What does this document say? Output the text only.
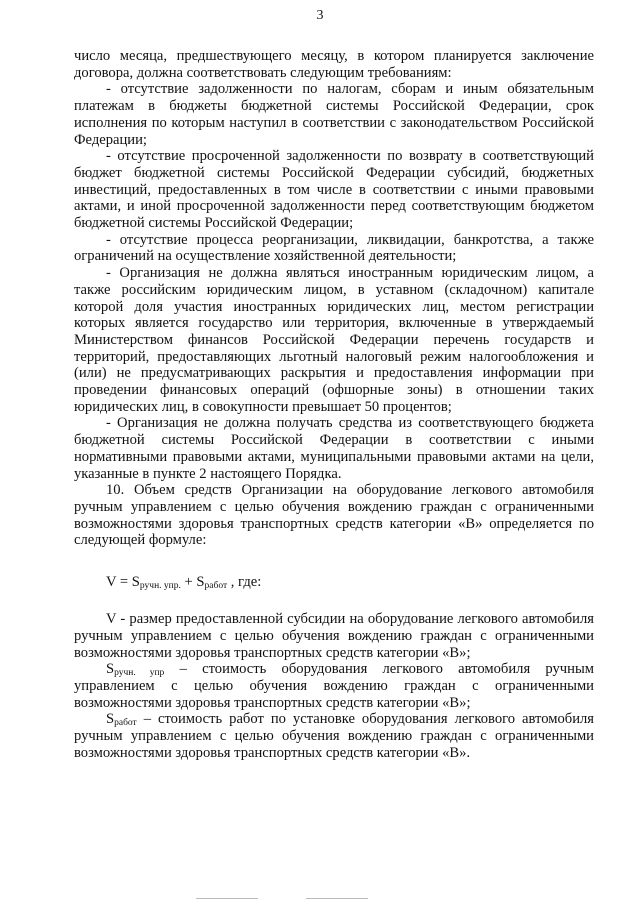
3

число месяца, предшествующего месяцу, в котором планируется заключение договора, должна соответствовать следующим требованиям:

- отсутствие задолженности по налогам, сборам и иным обязательным платежам в бюджеты бюджетной системы Российской Федерации, срок исполнения по которым наступил в соответствии с законодательством Российской Федерации;

- отсутствие просроченной задолженности по возврату в соответствующий бюджет бюджетной системы Российской Федерации субсидий, бюджетных инвестиций, предоставленных в том числе в соответствии с иными правовыми актами, и иной просроченной задолженности перед соответствующим бюджетом бюджетной системы Российской Федерации;

- отсутствие процесса реорганизации, ликвидации, банкротства, а также ограничений на осуществление хозяйственной деятельности;

- Организация не должна являться иностранным юридическим лицом, а также российским юридическим лицом, в уставном (складочном) капитале которой доля участия иностранных юридических лиц, местом регистрации которых является государство или территория, включенные в утверждаемый Министерством финансов Российской Федерации перечень государств и территорий, предоставляющих льготный налоговый режим налогообложения и (или) не предусматривающих раскрытия и предоставления информации при проведении финансовых операций (офшорные зоны) в отношении таких юридических лиц, в совокупности превышает 50 процентов;

- Организация не должна получать средства из соответствующего бюджета бюджетной системы Российской Федерации в соответствии с иными нормативными правовыми актами, муниципальными правовыми актами на цели, указанные в пункте 2 настоящего Порядка.

10. Объем средств Организации на оборудование легкового автомобиля ручным управлением с целью обучения вождению граждан с ограниченными возможностями здоровья транспортных средств категории «В» определяется по следующей формуле:

$V = S_{ручн. упр.} + S_{работ}$ , где:

V - размер предоставленной субсидии на оборудование легкового автомобиля ручным управлением с целью обучения вождению граждан с ограниченными возможностями здоровья транспортных средств категории «В»;

$S_{ручн. упр}$ – стоимость оборудования легкового автомобиля ручным управлением с целью обучения вождению граждан с ограниченными возможностями здоровья транспортных средств категории «В»;

$S_{работ}$ – стоимость работ по установке оборудования легкового автомобиля ручным управлением с целью обучения вождению граждан с ограниченными возможностями здоровья транспортных средств категории «В».
